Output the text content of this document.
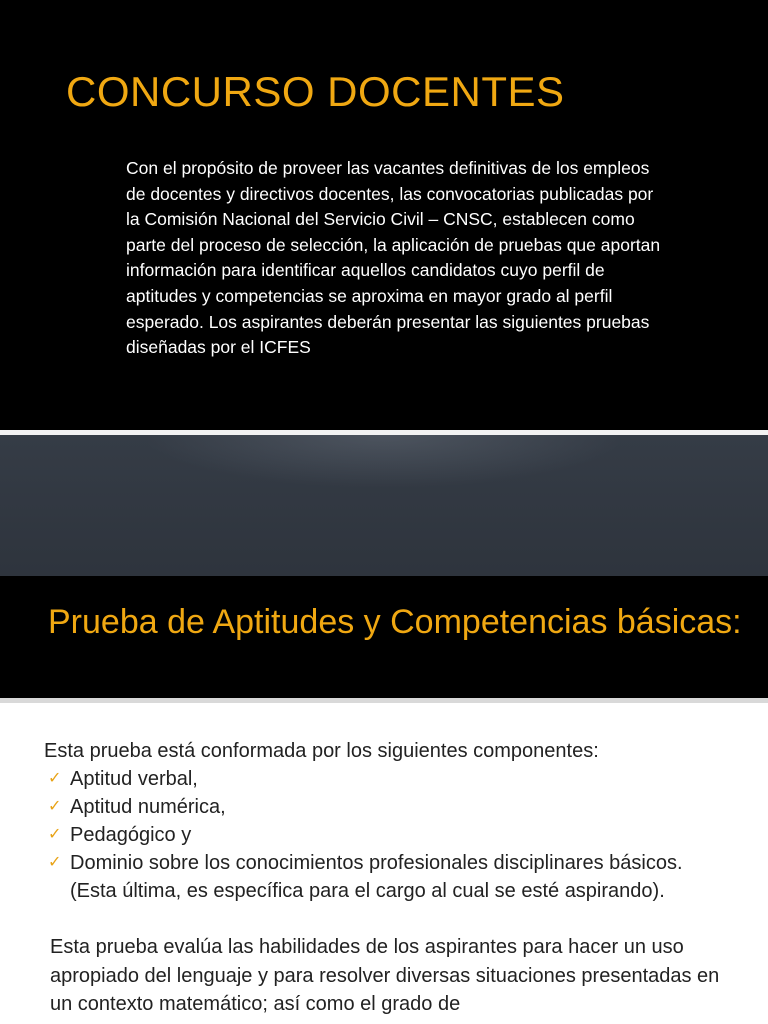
CONCURSO DOCENTES

Con el propósito de proveer las vacantes definitivas de los empleos de docentes y directivos docentes, las convocatorias publicadas por la Comisión Nacional del Servicio Civil – CNSC, establecen como parte del proceso de selección, la aplicación de pruebas que aportan información para identificar aquellos candidatos cuyo perfil de aptitudes y competencias se aproxima en mayor grado al perfil esperado. Los aspirantes deberán presentar las siguientes pruebas diseñadas por el ICFES

Prueba de Aptitudes y Competencias básicas:

Esta prueba está conformada por los siguientes componentes:

✓ Aptitud verbal,
✓ Aptitud numérica,
✓ Pedagógico y
✓ Dominio sobre los conocimientos profesionales disciplinares básicos. (Esta última, es específica para el cargo al cual se esté aspirando).

Esta prueba evalúa las habilidades de los aspirantes para hacer un uso apropiado del lenguaje y para resolver diversas situaciones presentadas en un contexto matemático; así como el grado de
